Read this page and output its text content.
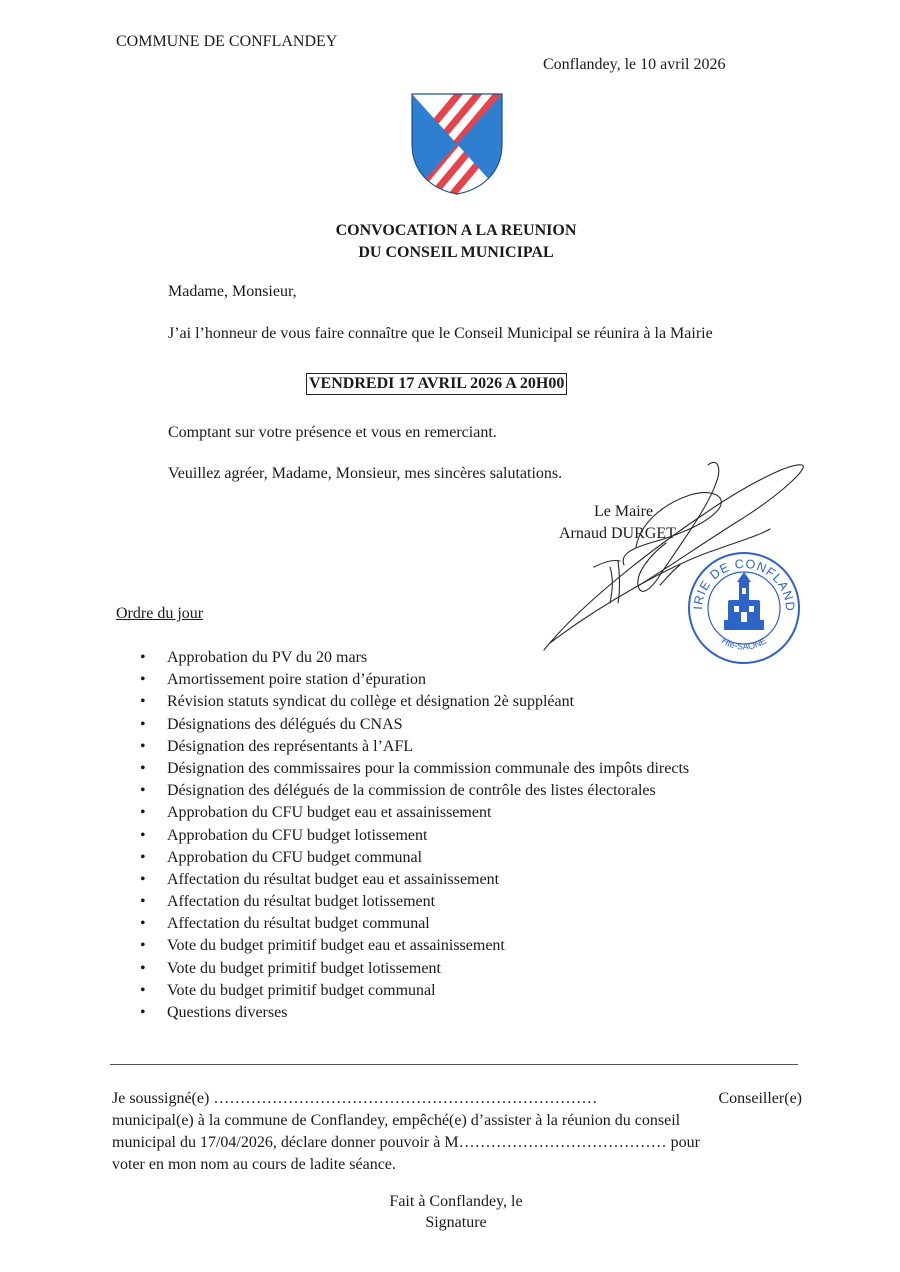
COMMUNE DE CONFLANDEY
Conflandey, le 10 avril 2026
CONVOCATION A LA REUNION
DU CONSEIL MUNICIPAL
Madame, Monsieur,
J’ai l’honneur de vous faire connaître que le Conseil Municipal se réunira à la Mairie
VENDREDI 17 AVRIL 2026 A 20H00
Comptant sur votre présence et vous en remerciant.
Veuillez agréer, Madame, Monsieur, mes sincères salutations.
Le Maire
Arnaud DURGET
IRIE DE CONFLAND
Hte-SAONE
Ordre du jour
• Approbation du PV du 20 mars
• Amortissement poire station d’épuration
• Révision statuts syndicat du collège et désignation 2è suppléant
• Désignations des délégués du CNAS
• Désignation des représentants à l’AFL
• Désignation des commissaires pour la commission communale des impôts directs
• Désignation des délégués de la commission de contrôle des listes électorales
• Approbation du CFU budget eau et assainissement
• Approbation du CFU budget lotissement
• Approbation du CFU budget communal
• Affectation du résultat budget eau et assainissement
• Affectation du résultat budget lotissement
• Affectation du résultat budget communal
• Vote du budget primitif budget eau et assainissement
• Vote du budget primitif budget lotissement
• Vote du budget primitif budget communal
• Questions diverses
Je soussigné(e) ………………………………………………………………	Conseiller(e)
municipal(e) à la commune de Conflandey, empêché(e) d’assister à la réunion du conseil
municipal du 17/04/2026, déclare donner pouvoir à M………………………………… pour
voter en mon nom au cours de ladite séance.
Fait à Conflandey, le
Signature
